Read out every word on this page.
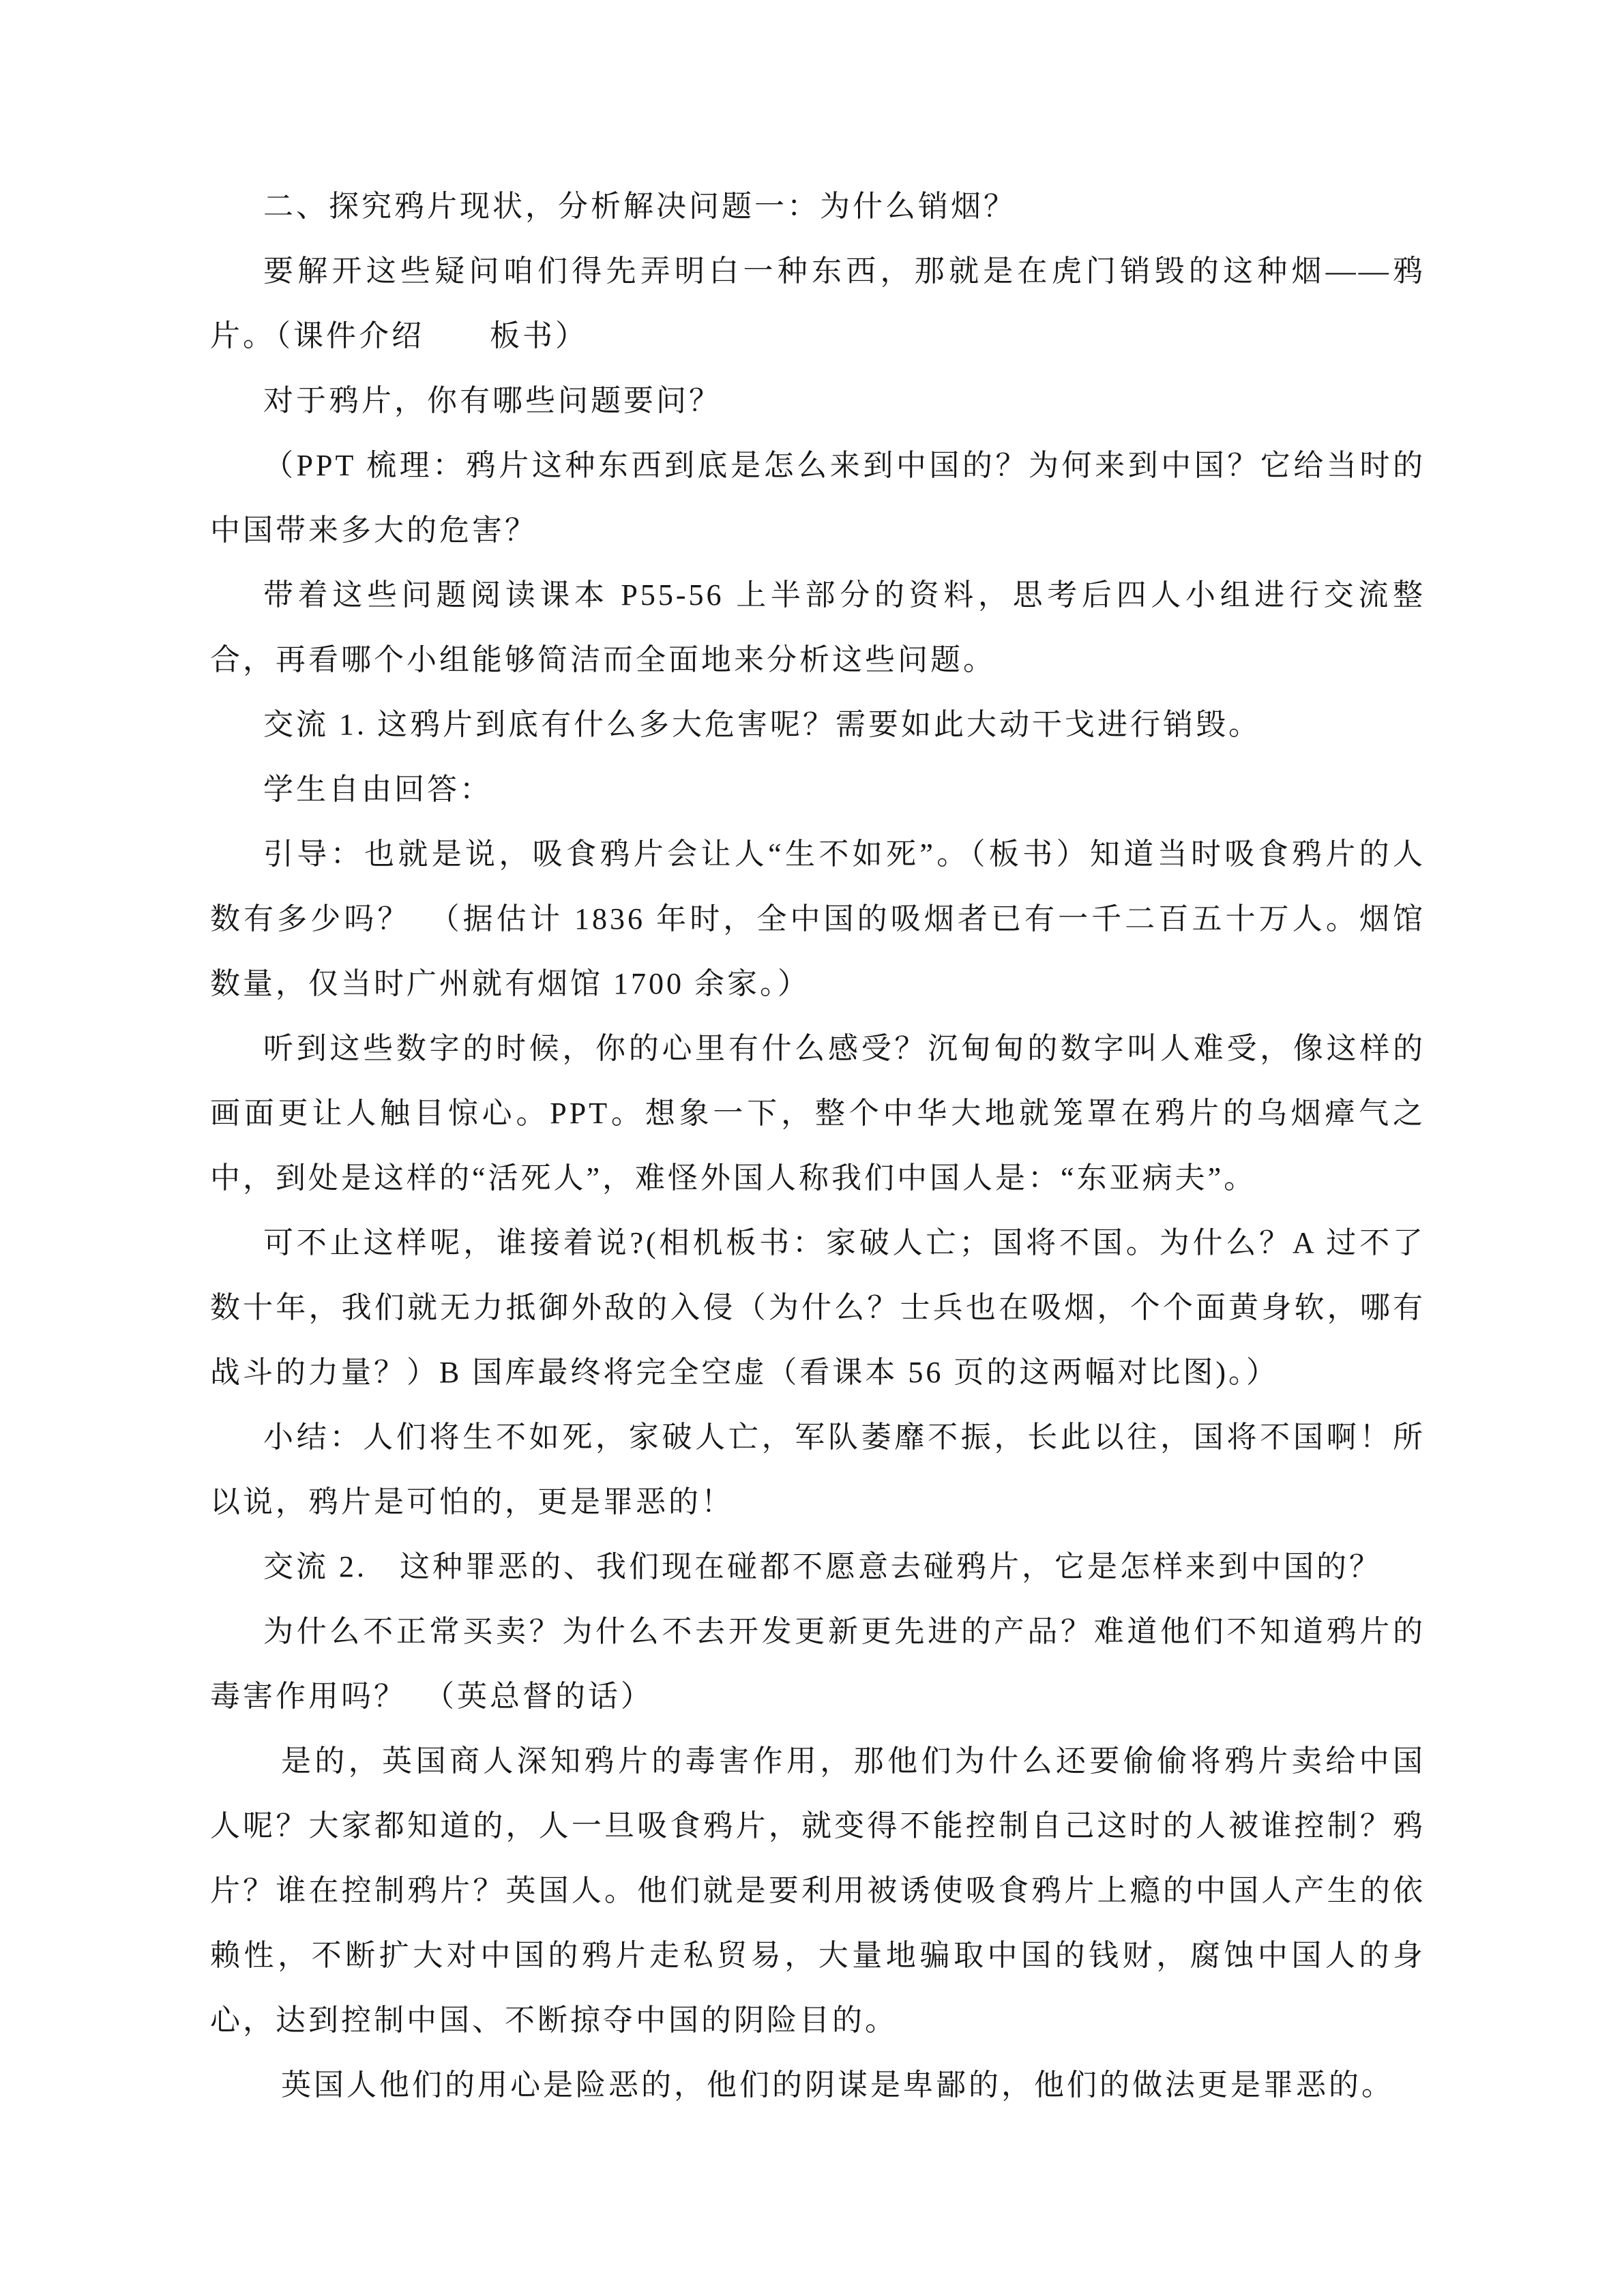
二、探究鸦片现状，分析解决问题一：为什么销烟？

要解开这些疑问咱们得先弄明白一种东西，那就是在虎门销毁的这种烟——鸦片。（课件介绍　　板书）

对于鸦片，你有哪些问题要问？

（PPT 梳理：鸦片这种东西到底是怎么来到中国的？为何来到中国？它给当时的中国带来多大的危害？

带着这些问题阅读课本 P55-56 上半部分的资料，思考后四人小组进行交流整合，再看哪个小组能够简洁而全面地来分析这些问题。

交流 1. 这鸦片到底有什么多大危害呢？需要如此大动干戈进行销毁。

学生自由回答：

引导：也就是说，吸食鸦片会让人“生不如死”。（板书）知道当时吸食鸦片的人数有多少吗？　（据估计 1836 年时，全中国的吸烟者已有一千二百五十万人。烟馆数量，仅当时广州就有烟馆 1700 余家。）

听到这些数字的时候，你的心里有什么感受？沉甸甸的数字叫人难受，像这样的画面更让人触目惊心。PPT。想象一下，整个中华大地就笼罩在鸦片的乌烟瘴气之中，到处是这样的“活死人”，难怪外国人称我们中国人是：“东亚病夫”。

可不止这样呢，谁接着说?(相机板书：家破人亡；国将不国。为什么？A 过不了数十年，我们就无力抵御外敌的入侵（为什么？士兵也在吸烟，个个面黄身软，哪有战斗的力量？）B 国库最终将完全空虚（看课本 56 页的这两幅对比图)。）

小结：人们将生不如死，家破人亡，军队萎靡不振，长此以往，国将不国啊！所以说，鸦片是可怕的，更是罪恶的！

交流 2.　这种罪恶的、我们现在碰都不愿意去碰鸦片，它是怎样来到中国的？

为什么不正常买卖？为什么不去开发更新更先进的产品？难道他们不知道鸦片的毒害作用吗？　（英总督的话）

是的，英国商人深知鸦片的毒害作用，那他们为什么还要偷偷将鸦片卖给中国人呢？大家都知道的，人一旦吸食鸦片，就变得不能控制自己这时的人被谁控制？鸦片？谁在控制鸦片？英国人。他们就是要利用被诱使吸食鸦片上瘾的中国人产生的依赖性，不断扩大对中国的鸦片走私贸易，大量地骗取中国的钱财，腐蚀中国人的身心，达到控制中国、不断掠夺中国的阴险目的。

英国人他们的用心是险恶的，他们的阴谋是卑鄙的，他们的做法更是罪恶的。
